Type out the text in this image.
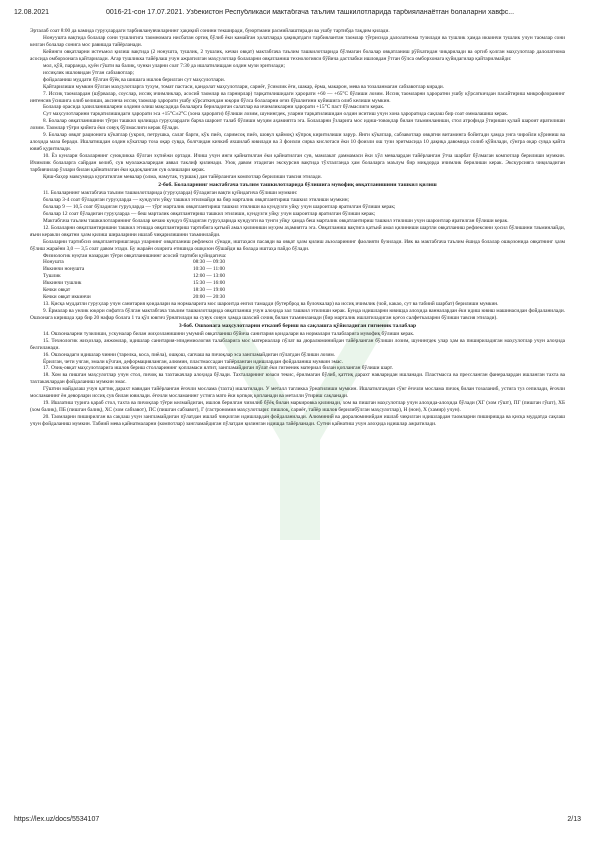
12.08.2021	0016-21-сон 17.07.2021. Ўзбекистон Республикаси мактабгача таълим ташкилотларида тарбияланаётган болаларни хавфс...

Эрталаб соат 8:00 да камида гуруҳлардаги тарбияланувчиларнинг ҳақиқий сонини текширади, буюртмани расмийлаштиради ва ушбу тартибда тақдим қилади.

Нонуушта вақтида болалар сони тушлигига таомномага нисбатан ортиқ бўлиб ёки камайган ҳолатларда ҳақиқатдаги тарбиялантан таомлар тўғрисида далолатнома тузилади ва тушлик ҳамда иккинчи тушлик учун таомлар сони келган болалар сонига мос равишда тайёрланади.

Кейинги овқатларни истеъмол қилиш вақтида (2 нонушта, тушлик, 2 тушлик, кечки овқат) мактабгача таълим ташкилотларида бўлмаган болалар овқатланиш рўйхатидан чиқарилади ва ортиб қолган маҳсулотлар далолатнома асосида омборхонага қайтарилади. Агар тушликка тайёрлаш учун ажратилган маҳсулотлар болаларни овқатланиш технологияси бўйича дастлабки ишловдан ўтган бўлса омборхонага қуйидагилар қайтарилмайди:

мол, қўй, парранда, қуён гўшти ва балиқ, чунки уларни соат 7:30 да ишлатилишдан олдин музи эритилади;
иссиқлик ишловидан ўтган сабзавотлар;
фойдаланиш муддати бўлган бўёқ ва шишага ишлов берилган сут маҳсулотлари.

Қайтарилиши мумкин бўлган маҳсулотларга тухум, томат пастаси, қандолат маҳсулотлари, сариёғ, ўсимлик ёғи, шакар, ёрма, макарон, мева ва тозаланмаган сабзавотлар киради.

7. Иссиқ таомлардан (шўрвалар, соуслар, иссиқ ичимликлар, асосий таомлар ва гарнирлар) тарқатилишидаги ҳарорати +60 — +65°С бўлиши лозим. Иссиқ таомларни ҳароратни ушбу кўрсаткичдан пасайтириш микрофлоранинг интенсив ўсишига олиб келиши, аксинча иссиқ таомлар ҳарорати ушбу кўрсаткичдан юқори бўлса болаларни оғиз бўшлиғини куйишига олиб келиши мумкин.

Болалар орасида ҳазилланишларни олдини олиш мақсадида болаларга бериладиган салатлар ва ичимликларни ҳарорати +15°С паст бўлмаслиги керак.

Сут маҳсулотларини тарқатилишидаги ҳарорати эса +15°С±2°С (хона ҳарорати) бўлиши лозим, шунингдек, уларни тарқатилишидан олдин иситиш учун хона ҳароратида сақлаш бир соат оммалашиш керак.

8. Болалар овқатланишини тўғри ташкил қилишда гуруҳлардаги барча шароит талаб бўлиши муҳим аҳамиятга эга. Болаларни ўзларига мос идиш-товоқлар билан таъминланиши, стол атрофида ўтириши қулай шароит яратилиши лозим. Таомлар тўғри қийнга ёки совуқ бўлмаслиги керак бўлади.

9. Болалар овқат рационига кўкатлар (укроп, петрушка, салат барги, кўк пиёз, саримсоқ пиёз, шовул қаймоқ) кўпроқ киритилиши зарур. Янги кўкатлар, сабзавотлар овқатни витаминга бойитади ҳамда унга чиройли кўриниш ва алоҳида маза беради. Ишлатишдан олдин кўкатлар тоза оқар сувда, болгчидан кичкиб яхшилаб ювилади ва 3 фоизли сирка кислотаси ёки 10 фоизли ош тузи эритмасида 10 дақиқа давомида солиб қўйилади, сўнгра оқар сувда қайта ювиб қуритилади.

10. Ёз кунлари болаларнинг суюқликка бўлган эҳтиёжи ортади. Ичиш учун янги қайнатилган ёки қайнатилган сув, мамлакат даммамаси ёки хўл мевалардан тайёрланган ўтча шарбат бўлмаган компотлар берилиши мумкин. Ичимлик болаларга сайрдан келиб, сув муолажаларидан аввал таклиф қилинади. Узоқ давом этадиган экскурсия вақтида тўхталганда ҳам болаларга маълум бир миқдорда ичимлик берилиши керак. Экскурсияга чиқиладиган тарбиячилар ўзлари билан қайнатилган ёки қадоқланган сув олишлари керак.

Қиш-баҳор мавсумида кургатилган мевалар (олма, намутак, туршак) дан тайёрланган компотлар берилиши тавсия этилади.

2-боб. Болаларнинг мактабгача таълим ташкилотларида бўлишига мувофиқ овқатланишини ташкил қилиш

11. Болаларнинг мактабгача таълим ташкилотларида (гуруҳларда) бўладиган вақти қуйидагича бўлиши мумкин:

болалар 3-4 соат бўладиган гуруҳларда — кундузги уйқу ташкил этилмайди ва бир марталик овқатлантириш ташкил этилиши мумкин;
болалар 9 — 10,5 соат бўладиган гуруҳларда — тўрт марталик овқатлантириш ташкил этилиши ва кундузги уйқу учун шароитлар яратилган бўлиши керак;
болалар 12 соат бўладиган гуруҳларда — беш марталик овқатлантириш ташкил этилиши, кундузги уйқу учун шароитлар яратилган бўлиши керак;

Мактабгача таълим ташкилотларининг болалар кечаю кундуз бўладиган гуруҳларида кундузги ва тунги уйқу ҳамда беш марталик овқатлантириш ташкил этилиши учун шароитлар яратилган бўлиши керак.

12. Болаларни овқатлантиришни ташкил этишда овқатлантириш тартибига қатъий амал қилиниши муҳим аҳамиятга эга. Овқатланиш вақтига қатъий амал қилиниши шартли овқатланиш рефлексини ҳосил бўлишини таъминлайди, яъни керакли овқатни ҳазм қилиш шираларини ишлаб чиқарилишини таъминлайди.

Болаларни тартибсиз овқатлантиришганда уларнинг овқатланиш рефлекси сўнади, иштаҳаси пасаяди ва овқат ҳазм қилиш аъзоларининг фаолияти бузилади. Ияк ва мактабгача таълим ёшида болалар ошқозонида овқатнинг ҳазм бўлиш жараёни 3,0 — 3,5 соат давом этади. Бу жараён охирига етишида ошқозон бўшайди ва болада иштаҳа пайдо бўлади.

Физиологик нуқтаи назардан тўғри овқатланишнинг асосий тартиби қуйидагича:

Нонушта	08:30 — 09:30
Иккинчи нонушта	10:30 — 11:00
Тушлик	12:00 — 13:00
Иккинчи тушлик	15:30 — 16:00
Кечки овқат	18:30 — 19:00
Кечки овқат иккинчи	20:00 — 20:30

13. Қисқа муддатли гуруҳлар учун санитария қоидалари ва нормаларига мос шароитда енгил тамадди (бутерброд ва булочкалар) ва иссиқ ичимлик (чой, какао, сут ва табиий шарбат) берилиши мумкин.

9. Ёрмалар ва унлик юқори сифатга бўлган мактабгача таълим ташкилотларида овқатланиш учун алоҳида зал ташкил этилиши керак. Бунда идишларни ювишда алоҳида ванналардан ёки идиш ювиш машинасидан фойдаланилади. Ошхонага киришда ҳар бир 20 нафар болага 1 та қўл ювгич ўрнатилади ва сувук совун ҳамда шахсий сочиқ билан таъминланади (бир марталик ишлатиладиган қоғоз салфеткаларни бўлиши тавсия этилади).

3-боб. Ошхонага маҳсулотларни етказиб бериш ва сақлашга қўйиладиган гигиеник талаблар

14. Ошхоналарни тузилиши, ускуналар билан жиҳозланишини умумий овқатланиш бўйича санитария қоидалари ва нормалари талабларига мувофиқ бўлиши керак.

15. Технологик жиҳозлар, анжомлар, идишлар санитария-эпидемиология талабларига мос материаллар пўлат ва дюралюминийдан тайёрланган бўлиши лозим, шунингдек улар ҳам ва пишириладиган маҳсулотлар учун алоҳида белгиланади.

16. Ошхонадаги идишлар чинни (тарелка, коса, пиёла), ошқош, сапчаш ва пичоқлар эса зангламайдиган пўлатдан бўлиши лозим.

Ёрилган, чети учган, эмали кўчган, деформацияланган, алюмин, пластмассадан тайёрланган идишлардан фойдаланиш мумкин эмас.

17. Озиқ-овқат маҳсулотларига ишлов бериш столларининг қопламаси ялтит, зангламайдиган пўлат ёки гигиеник материал билан қопланган бўлиши шарт.

18. Хом ва пишган маҳсулотлар учун стол, пичоқ ва тахтакачлар алоҳида бўлади. Тахталарнинг юзаси текис, ёрилмаган бўлиб, қаттиқ дарахт навларидан ишланади. Пластмасса ва прессланган фанералардан ишланган тахта ва тахтакачлардан фойдаланиш мумкин эмас.

Гўштни майдалаш учун қаттиқ дарахт навидан тайёрланган ёғочли мослама (тахта) ишлатилади. У металл тагликка ўрнатилиши мумкин. Ишлатилгандан сўнг ёғочли мослама пичоқ билан тозаланиб, устига туз сепилади, ёғочли мосламанинг ён деворлари иссиқ сув билан ювилади. ёғочли мосламанинг устига мато ёки қопқоқ қопланади ва металли ўтириш сақланади.

19. Ишлатиш турига қараб стол, тахта ва пичоқлар тўғри келмайдиган, ишлов берилган чизилиб бўёқ билан маркировка қилинади, хом ва пишган маҳсулотлар учун алоҳида-алоҳида бўлади (ХГ (хом гўшт), ПГ (пишган гўшт), ХБ (хом балиқ), ПБ (пишган балиқ), ХС (хом сабзавот), ПС (пишган сабзавот), Г (гастрономия маҳсулотлари: пишлоқ, сариёғ, тайёр ишлов берилибўлган маҳсулотлар), Н (нон), Х (хамир) учун).

20. Таомларни пиширилган ва сақлаш учун зангламайдиган пўлатдан ишлаб чиқилган идишлардан фойдаланилади. Алюминий ва дюралюминийдан ишлаб чиқилган идишлардан таомларни пиширишда ва қисқа муддатда сақлаш учун фойдаланиш мумкин. Табиий мева қайнатмаларни (компотлар) зангламайдиган пўлатдан қилинган идишда тайёрланади. Сутни қайнатиш учун алоҳида идишлар ажратилади.

https://lex.uz/docs/5534107	2/13
